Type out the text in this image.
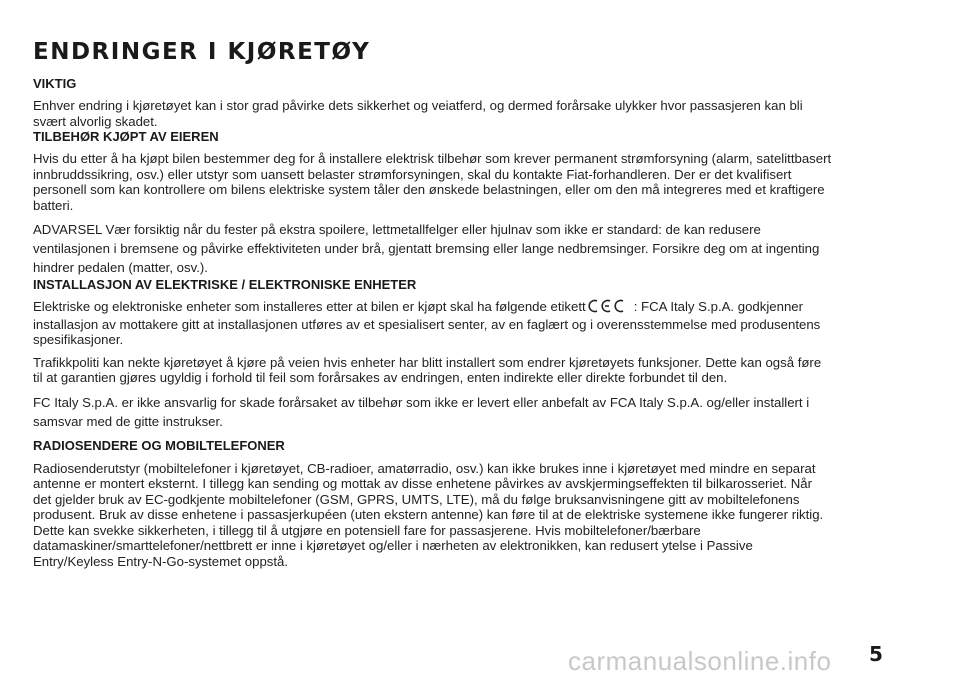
ENDRINGER I KJØRETØY
VIKTIG

Enhver endring i kjøretøyet kan i stor grad påvirke dets sikkerhet og veiatferd, og dermed forårsake ulykker hvor passasjeren kan bli svært alvorlig skadet.

TILBEHØR KJØPT AV EIEREN

Hvis du etter å ha kjøpt bilen bestemmer deg for å installere elektrisk tilbehør som krever permanent strømforsyning (alarm, satelittbasert innbruddssikring, osv.) eller utstyr som uansett belaster strømforsyningen, skal du kontakte Fiat-forhandleren. Der er det kvalifisert personell som kan kontrollere om bilens elektriske system tåler den ønskede belastningen, eller om den må integreres med et kraftigere batteri.

ADVARSEL Vær forsiktig når du fester på ekstra spoilere, lettmetallfelger eller hjulnav som ikke er standard: de kan redusere ventilasjonen i bremsene og påvirke effektiviteten under brå, gjentatt bremsing eller lange nedbremsinger. Forsikre deg om at ingenting hindrer pedalen (matter, osv.).

INSTALLASJON AV ELEKTRISKE / ELEKTRONISKE ENHETER

Elektriske og elektroniske enheter som installeres etter at bilen er kjøpt skal ha følgende etikett	: FCA Italy S.p.A. godkjenner installasjon av mottakere gitt at installasjonen utføres av et spesialisert senter, av en faglært og i overensstemmelse med produsentens spesifikasjoner.

Trafikkpoliti kan nekte kjøretøyet å kjøre på veien hvis enheter har blitt installert som endrer kjøretøyets funksjoner. Dette kan også føre til at garantien gjøres ugyldig i forhold til feil som forårsakes av endringen, enten indirekte eller direkte forbundet til den.

FC Italy S.p.A. er ikke ansvarlig for skade forårsaket av tilbehør som ikke er levert eller anbefalt av FCA Italy S.p.A. og/eller installert i samsvar med de gitte instrukser.

RADIOSENDERE OG MOBILTELEFONER

Radiosenderutstyr (mobiltelefoner i kjøretøyet, CB-radioer, amatørradio, osv.) kan ikke brukes inne i kjøretøyet med mindre en separat antenne er montert eksternt. I tillegg kan sending og mottak av disse enhetene påvirkes av avskjermingseffekten til bilkarosseriet. Når det gjelder bruk av EC-godkjente mobiltelefoner (GSM, GPRS, UMTS, LTE), må du følge bruksanvisningene gitt av mobiltelefonens produsent. Bruk av disse enhetene i passasjerkupéen (uten ekstern antenne) kan føre til at de elektriske systemene ikke fungerer riktig. Dette kan svekke sikkerheten, i tillegg til å utgjøre en potensiell fare for passasjerene. Hvis mobiltelefoner/bærbare datamaskiner/smarttelefoner/nettbrett er inne i kjøretøyet og/eller i nærheten av elektronikken, kan redusert ytelse i Passive Entry/Keyless Entry-N-Go-systemet oppstå.

carmanualsonline.info 5
